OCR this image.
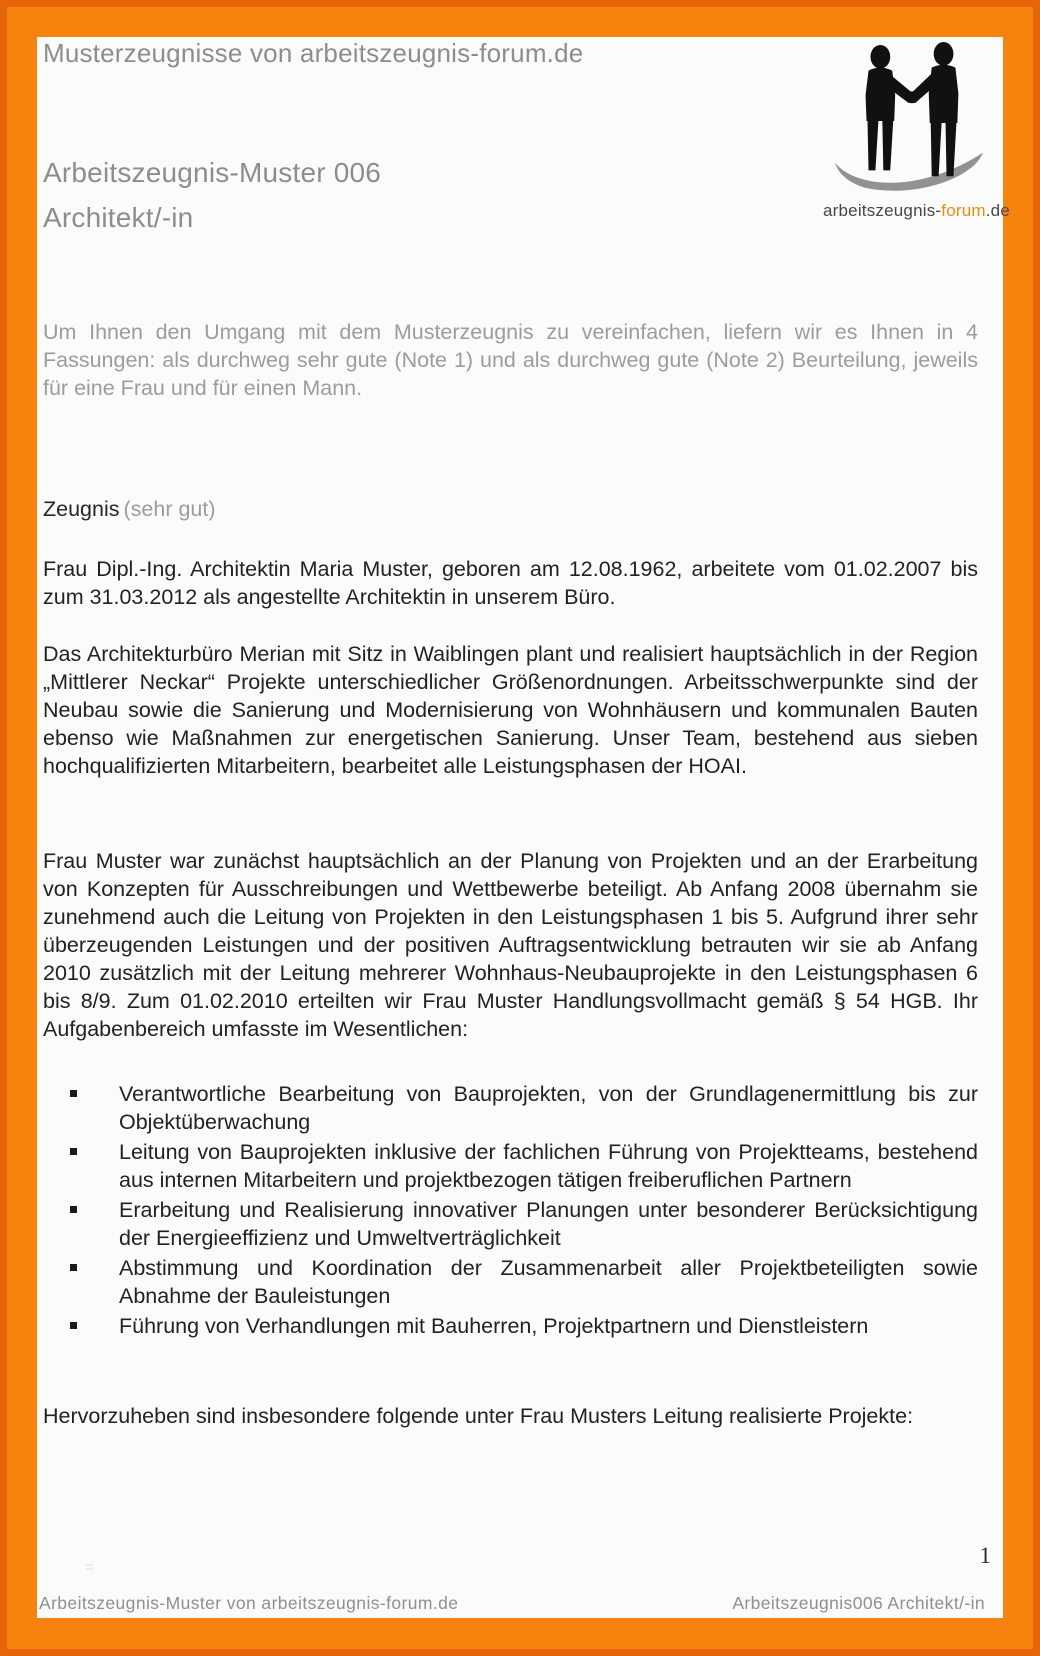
Musterzeugnisse von arbeitszeugnis-forum.de
arbeitszeugnis-forum.de
Arbeitszeugnis-Muster 006
Architekt/-in

Um Ihnen den Umgang mit dem Musterzeugnis zu vereinfachen, liefern wir es Ihnen in 4 Fassungen: als durchweg sehr gute (Note 1) und als durchweg gute (Note 2) Beurteilung, jeweils für eine Frau und für einen Mann.

Zeugnis (sehr gut)

Frau Dipl.-Ing. Architektin Maria Muster, geboren am 12.08.1962, arbeitete vom 01.02.2007 bis zum 31.03.2012 als angestellte Architektin in unserem Büro.

Das Architekturbüro Merian mit Sitz in Waiblingen plant und realisiert hauptsächlich in der Region „Mittlerer Neckar“ Projekte unterschiedlicher Größenordnungen. Arbeitsschwerpunkte sind der Neubau sowie die Sanierung und Modernisierung von Wohnhäusern und kommunalen Bauten ebenso wie Maßnahmen zur energetischen Sanierung. Unser Team, bestehend aus sieben hochqualifizierten Mitarbeitern, bearbeitet alle Leistungsphasen der HOAI.

Frau Muster war zunächst hauptsächlich an der Planung von Projekten und an der Erarbeitung von Konzepten für Ausschreibungen und Wettbewerbe beteiligt. Ab Anfang 2008 übernahm sie zunehmend auch die Leitung von Projekten in den Leistungsphasen 1 bis 5. Aufgrund ihrer sehr überzeugenden Leistungen und der positiven Auftragsentwicklung betrauten wir sie ab Anfang 2010 zusätzlich mit der Leitung mehrerer Wohnhaus-Neubauprojekte in den Leistungsphasen 6 bis 8/9. Zum 01.02.2010 erteilten wir Frau Muster Handlungsvollmacht gemäß § 54 HGB. Ihr Aufgabenbereich umfasste im Wesentlichen:

Verantwortliche Bearbeitung von Bauprojekten, von der Grundlagenermittlung bis zur Objektüberwachung
Leitung von Bauprojekten inklusive der fachlichen Führung von Projektteams, bestehend aus internen Mitarbeitern und projektbezogen tätigen freiberuflichen Partnern
Erarbeitung und Realisierung innovativer Planungen unter besonderer Berücksichtigung der Energieeffizienz und Umweltverträglichkeit
Abstimmung und Koordination der Zusammenarbeit aller Projektbeteiligten sowie Abnahme der Bauleistungen
Führung von Verhandlungen mit Bauherren, Projektpartnern und Dienstleistern

Hervorzuheben sind insbesondere folgende unter Frau Musters Leitung realisierte Projekte:

1
=
Arbeitszeugnis-Muster von arbeitszeugnis-forum.de	Arbeitszeugnis006 Architekt/-in
